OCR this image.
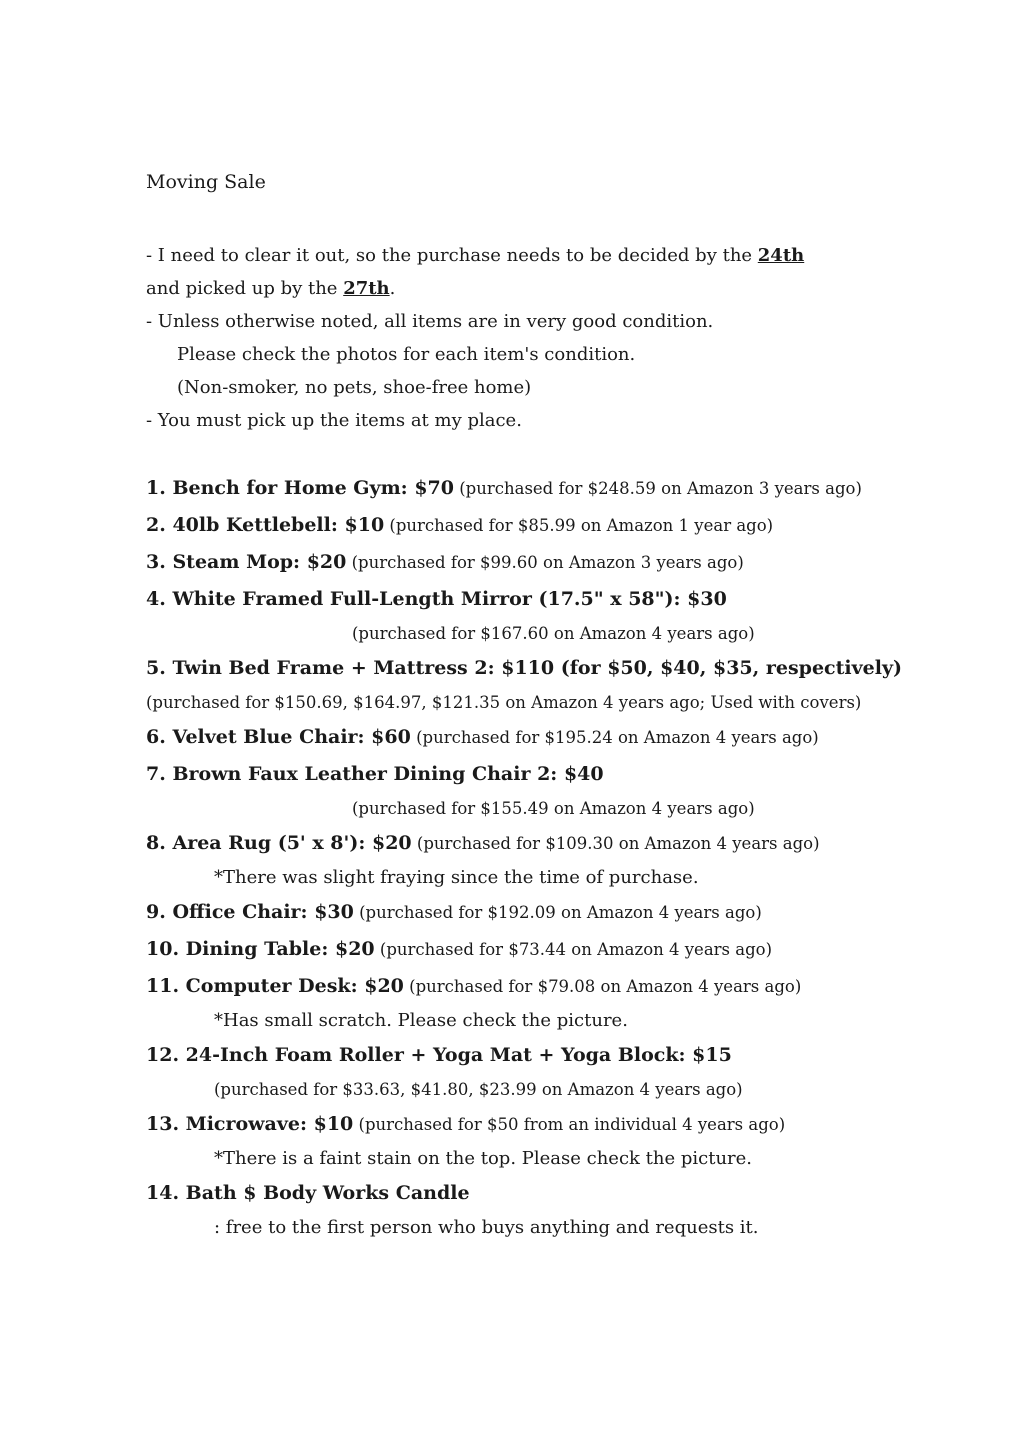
Moving Sale
- I need to clear it out, so the purchase needs to be decided by the 24th
and picked up by the 27th.
- Unless otherwise noted, all items are in very good condition.
Please check the photos for each item's condition.
(Non-smoker, no pets, shoe-free home)
- You must pick up the items at my place.
1. Bench for Home Gym: $70 (purchased for $248.59 on Amazon 3 years ago)
2. 40lb Kettlebell: $10 (purchased for $85.99 on Amazon 1 year ago)
3. Steam Mop: $20 (purchased for $99.60 on Amazon 3 years ago)
4. White Framed Full-Length Mirror (17.5" x 58"): $30
(purchased for $167.60 on Amazon 4 years ago)
5. Twin Bed Frame + Mattress 2: $110 (for $50, $40, $35, respectively)
(purchased for $150.69, $164.97, $121.35 on Amazon 4 years ago; Used with covers)
6. Velvet Blue Chair: $60 (purchased for $195.24 on Amazon 4 years ago)
7. Brown Faux Leather Dining Chair 2: $40
(purchased for $155.49 on Amazon 4 years ago)
8. Area Rug (5' x 8'): $20 (purchased for $109.30 on Amazon 4 years ago)
*There was slight fraying since the time of purchase.
9. Office Chair: $30 (purchased for $192.09 on Amazon 4 years ago)
10. Dining Table: $20 (purchased for $73.44 on Amazon 4 years ago)
11. Computer Desk: $20 (purchased for $79.08 on Amazon 4 years ago)
*Has small scratch. Please check the picture.
12. 24-Inch Foam Roller + Yoga Mat + Yoga Block: $15
(purchased for $33.63, $41.80, $23.99 on Amazon 4 years ago)
13. Microwave: $10 (purchased for $50 from an individual 4 years ago)
*There is a faint stain on the top. Please check the picture.
14. Bath $ Body Works Candle
: free to the first person who buys anything and requests it.
